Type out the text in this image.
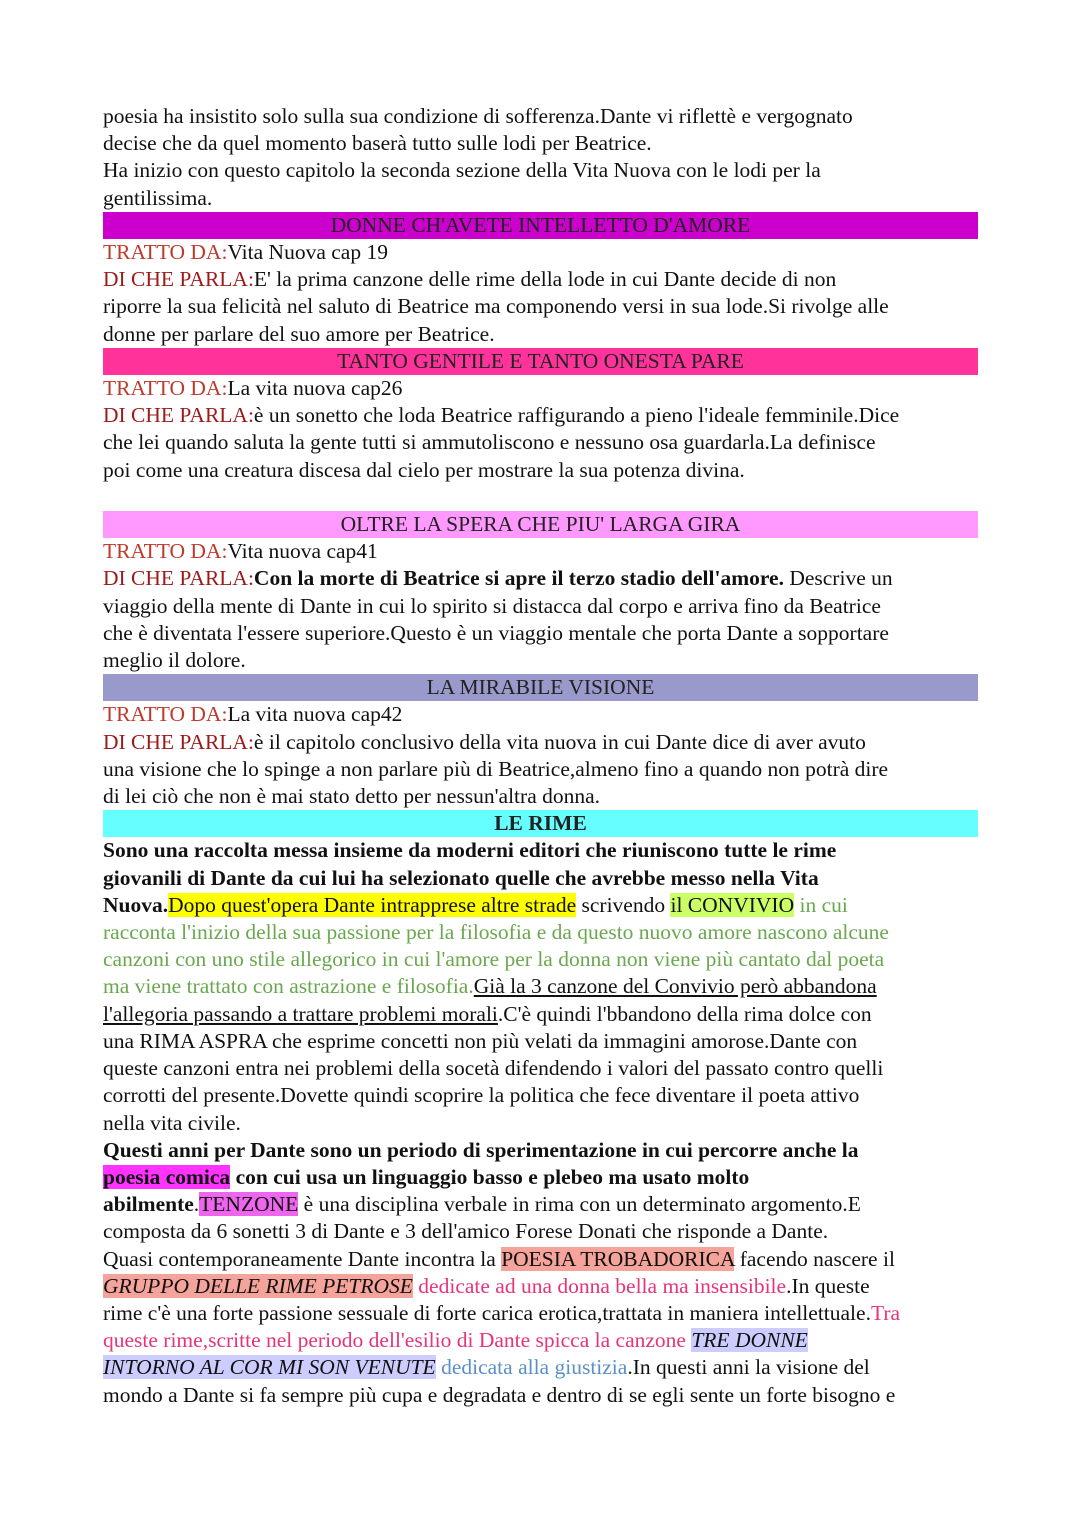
poesia ha insistito solo sulla sua condizione di sofferenza.Dante vi riflettè e vergognato
decise che da quel momento baserà tutto sulle lodi per Beatrice.
Ha inizio con questo capitolo la seconda sezione della Vita Nuova con le lodi per la
gentilissima.
DONNE CH'AVETE INTELLETTO D'AMORE
TRATTO DA:Vita Nuova cap 19
DI CHE PARLA:E' la prima canzone delle rime della lode in cui Dante decide di non
riporre la sua felicità nel saluto di Beatrice ma componendo versi in sua lode.Si rivolge alle
donne per parlare del suo amore per Beatrice.
TANTO GENTILE E TANTO ONESTA PARE
TRATTO DA:La vita nuova cap26
DI CHE PARLA:è un sonetto che loda Beatrice raffigurando a pieno l'ideale femminile.Dice
che lei quando saluta la gente tutti si ammutoliscono e nessuno osa guardarla.La definisce
poi come una creatura discesa dal cielo per mostrare la sua potenza divina.
OLTRE LA SPERA CHE PIU' LARGA GIRA
TRATTO DA:Vita nuova cap41
DI CHE PARLA:Con la morte di Beatrice si apre il terzo stadio dell'amore. Descrive un
viaggio della mente di Dante in cui lo spirito si distacca dal corpo e arriva fino da Beatrice
che è diventata l'essere superiore.Questo è un viaggio mentale che porta Dante a sopportare
meglio il dolore.
LA MIRABILE VISIONE
TRATTO DA:La vita nuova cap42
DI CHE PARLA:è il capitolo conclusivo della vita nuova in cui Dante dice di aver avuto
una visione che lo spinge a non parlare più di Beatrice,almeno fino a quando non potrà dire
di lei ciò che non è mai stato detto per nessun'altra donna.
LE RIME
Sono una raccolta messa insieme da moderni editori che riuniscono tutte le rime
giovanili di Dante da cui lui ha selezionato quelle che avrebbe messo nella Vita
Nuova.Dopo quest'opera Dante intrapprese altre strade scrivendo il CONVIVIO in cui
racconta l'inizio della sua passione per la filosofia e da questo nuovo amore nascono alcune
canzoni con uno stile allegorico in cui l'amore per la donna non viene più cantato dal poeta
ma viene trattato con astrazione e filosofia.Già la 3 canzone del Convivio però abbandona
l'allegoria passando a trattare problemi morali.C'è quindi l'bbandono della rima dolce con
una RIMA ASPRA che esprime concetti non più velati da immagini amorose.Dante con
queste canzoni entra nei problemi della socetà difendendo i valori del passato contro quelli
corrotti del presente.Dovette quindi scoprire la politica che fece diventare il poeta attivo
nella vita civile.
Questi anni per Dante sono un periodo di sperimentazione in cui percorre anche la
poesia comica con cui usa un linguaggio basso e plebeo ma usato molto
abilmente.TENZONE è una disciplina verbale in rima con un determinato argomento.E
composta da 6 sonetti 3 di Dante e 3 dell'amico Forese Donati che risponde a Dante.
Quasi contemporaneamente Dante incontra la POESIA TROBADORICA facendo nascere il
GRUPPO DELLE RIME PETROSE dedicate ad una donna bella ma insensibile.In queste
rime c'è una forte passione sessuale di forte carica erotica,trattata in maniera intellettuale.Tra
queste rime,scritte nel periodo dell'esilio di Dante spicca la canzone TRE DONNE
INTORNO AL COR MI SON VENUTE dedicata alla giustizia.In questi anni la visione del
mondo a Dante si fa sempre più cupa e degradata e dentro di se egli sente un forte bisogno e
